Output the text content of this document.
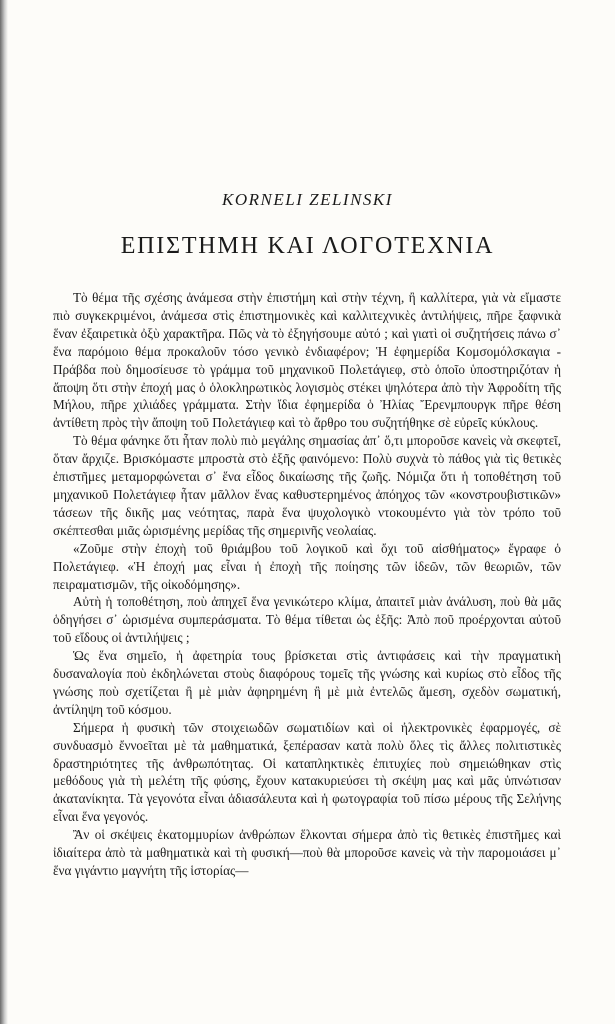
KORNELI ZELINSKI
ΕΠΙΣΤΗΜΗ ΚΑΙ ΛΟΓΟΤΕΧΝΙΑ

Τὸ θέμα τῆς σχέσης ἀνάμεσα στὴν ἐπιστήμη καὶ στὴν τέχνη, ἢ καλλίτερα, γιὰ νὰ εἴμαστε πιὸ συγκεκριμένοι, ἀνάμεσα στὶς ἐπιστημονικὲς καὶ καλλιτεχνικὲς ἀντιλήψεις, πῆρε ξαφνικὰ ἕναν ἐξαιρετικὰ ὀξὺ χαρακτῆρα. Πῶς νὰ τὸ ἐξηγήσουμε αὐτό ; καὶ γιατὶ οἱ συζητήσεις πάνω σ᾿ ἕνα παρόμοιο θέμα προκαλοῦν τόσο γενικὸ ἐνδιαφέρον; Ἡ ἐφημερίδα Κομσομόλσκαγια - Πράβδα ποὺ δημοσίευσε τὸ γράμμα τοῦ μηχανικοῦ Πολετάγιεφ, στὸ ὁποῖο ὑποστηριζόταν ἡ ἄποψη ὅτι στὴν ἐποχή μας ὁ ὁλοκληρωτικὸς λογισμὸς στέκει ψηλότερα ἀπὸ τὴν Ἀφροδίτη τῆς Μήλου, πῆρε χιλιάδες γράμματα. Στὴν ἴδια ἐφημερίδα ὁ Ἠλίας Ἔρενμπουργκ πῆρε θέση ἀντίθετη πρὸς τὴν ἄποψη τοῦ Πολετάγιεφ καὶ τὸ ἄρθρο του συζητήθηκε σὲ εὐρεῖς κύκλους.

Τὸ θέμα φάνηκε ὅτι ἦταν πολὺ πιὸ μεγάλης σημασίας ἀπ᾿ ὅ,τι μποροῦσε κανεὶς νὰ σκεφτεῖ, ὅταν ἄρχιζε. Βρισκόμαστε μπροστὰ στὸ ἑξῆς φαινόμενο: Πολὺ συχνὰ τὸ πάθος γιὰ τὶς θετικὲς ἐπιστῆμες μεταμορφώνεται σ᾿ ἕνα εἶδος δικαίωσης τῆς ζωῆς. Νόμιζα ὅτι ἡ τοποθέτηση τοῦ μηχανικοῦ Πολετάγιεφ ἦταν μᾶλλον ἕνας καθυστερημένος ἀπόηχος τῶν «κονστρουβιστικῶν» τάσεων τῆς δικῆς μας νεότητας, παρὰ ἕνα ψυχολογικὸ ντοκουμέντο γιὰ τὸν τρόπο τοῦ σκέπτεσθαι μιᾶς ὡρισμένης μερίδας τῆς σημερινῆς νεολαίας.

«Ζοῦμε στὴν ἐποχὴ τοῦ θριάμβου τοῦ λογικοῦ καὶ ὄχι τοῦ αἰσθήματος» ἔγραφε ὁ Πολετάγιεφ. «Ἡ ἐποχή μας εἶναι ἡ ἐποχὴ τῆς ποίησης τῶν ἰδεῶν, τῶν θεωριῶν, τῶν πειραματισμῶν, τῆς οἰκοδόμησης».

Αὐτὴ ἡ τοποθέτηση, ποὺ ἀπηχεῖ ἕνα γενικώτερο κλίμα, ἀπαιτεῖ μιὰν ἀνάλυση, ποὺ θὰ μᾶς ὁδηγήσει σ᾿ ὡρισμένα συμπεράσματα. Τὸ θέμα τίθεται ὡς ἑξῆς: Ἀπὸ ποῦ προέρχονται αὐτοῦ τοῦ εἴδους οἱ ἀντιλήψεις ;

Ὡς ἕνα σημεῖο, ἡ ἀφετηρία τους βρίσκεται στὶς ἀντιφάσεις καὶ τὴν πραγματικὴ δυσαναλογία ποὺ ἐκδηλώνεται στοὺς διαφόρους τομεῖς τῆς γνώσης καὶ κυρίως στὸ εἶδος τῆς γνώσης ποὺ σχετίζεται ἢ μὲ μιὰν ἀφηρημένη ἢ μὲ μιὰ ἐντελῶς ἄμεση, σχεδὸν σωματική, ἀντίληψη τοῦ κόσμου.

Σήμερα ἡ φυσικὴ τῶν στοιχειωδῶν σωματιδίων καὶ οἱ ἠλεκτρονικὲς ἐφαρμογές, σὲ συνδυασμὸ ἔννοεῖται μὲ τὰ μαθηματικά, ξεπέρασαν κατὰ πολὺ ὅλες τὶς ἄλλες πολιτιστικὲς δραστηριότητες τῆς ἀνθρωπότητας. Οἱ καταπληκτικὲς ἐπιτυχίες ποὺ σημειώθηκαν στὶς μεθόδους γιὰ τὴ μελέτη τῆς φύσης, ἔχουν κατακυριεύσει τὴ σκέψη μας καὶ μᾶς ὑπνώτισαν ἀκατανίκητα. Τὰ γεγονότα εἶναι ἀδιασάλευτα καὶ ἡ φωτογραφία τοῦ πίσω μέρους τῆς Σελήνης εἶναι ἕνα γεγονός.

Ἂν οἱ σκέψεις ἑκατομμυρίων ἀνθρώπων ἕλκονται σήμερα ἀπὸ τὶς θετικὲς ἐπιστῆμες καὶ ἰδιαίτερα ἀπὸ τὰ μαθηματικὰ καὶ τὴ φυσική—ποὺ θὰ μποροῦσε κανεὶς νὰ τὴν παρομοιάσει μ᾿ ἕνα γιγάντιο μαγνήτη τῆς ἱστορίας—
